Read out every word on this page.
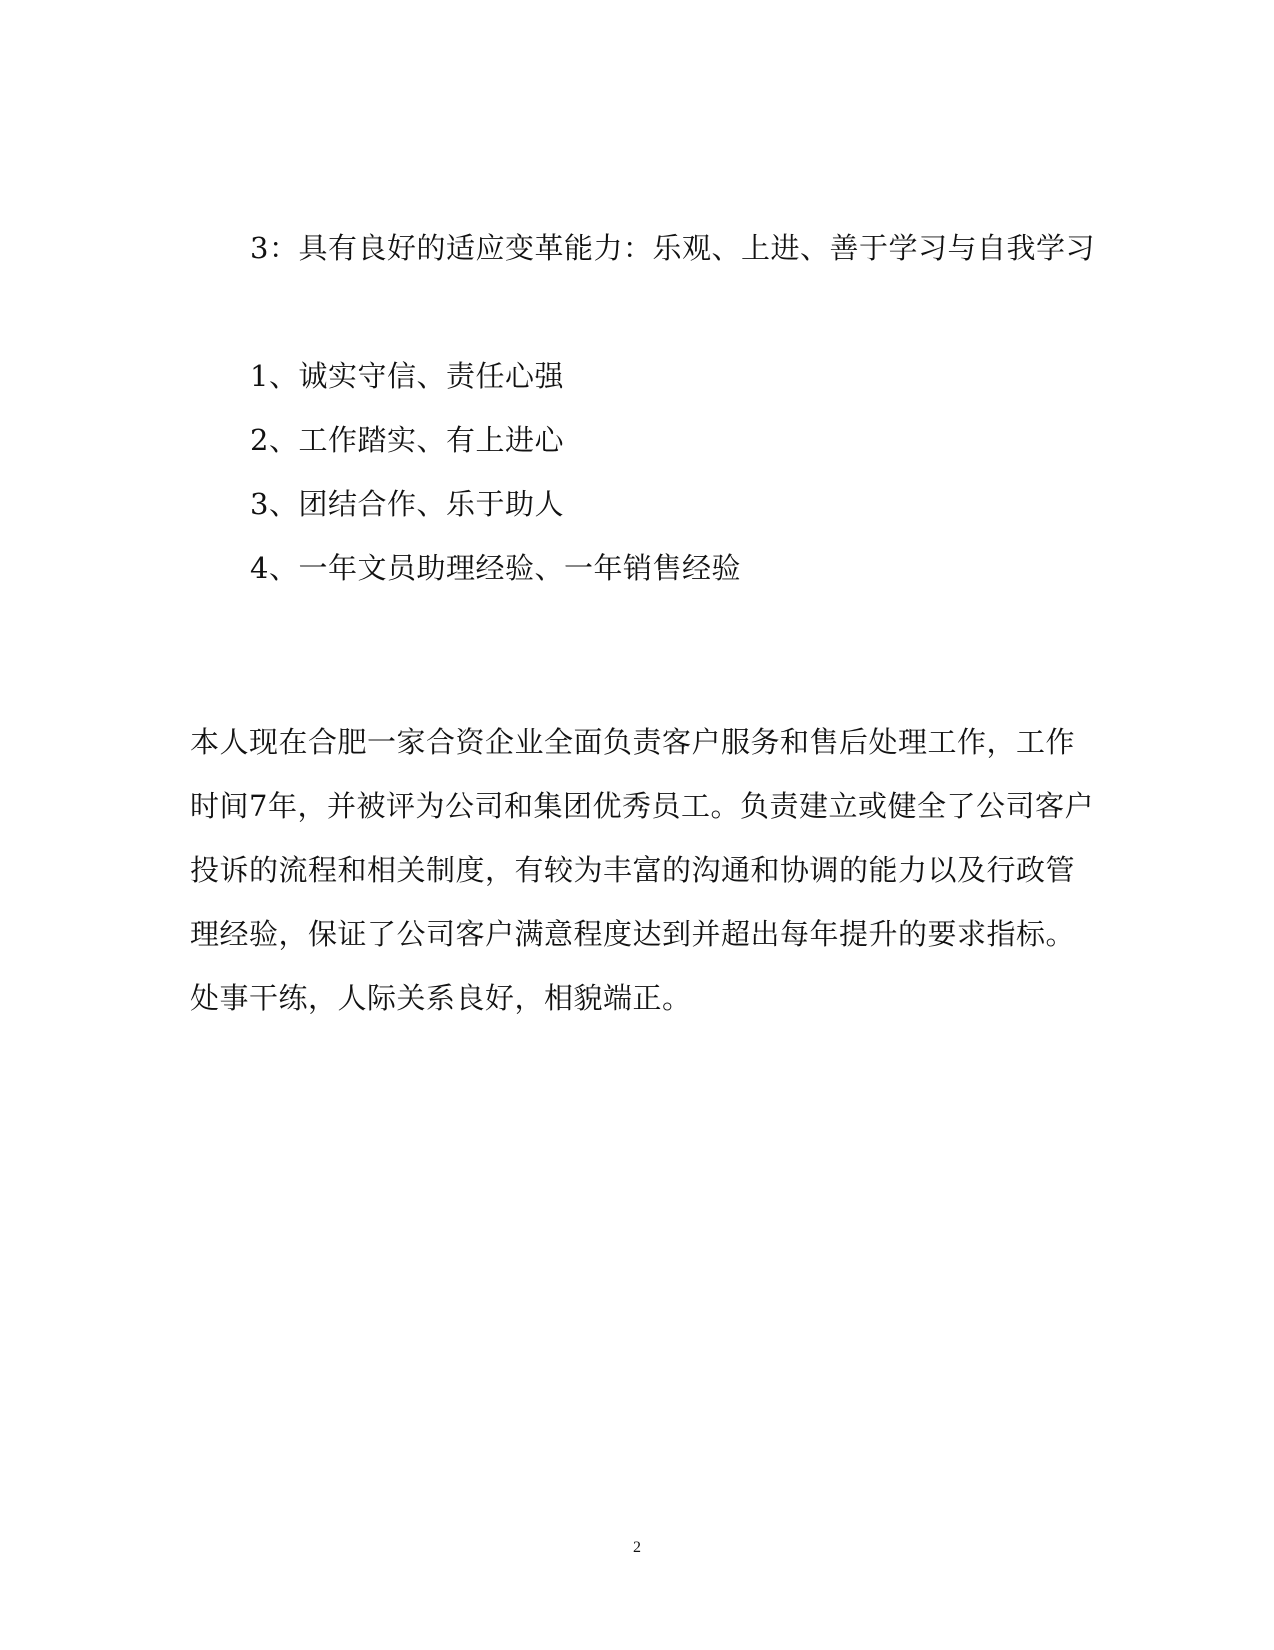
3：具有良好的适应变革能力：乐观、上进、善于学习与自我学习
1、诚实守信、责任心强
2、工作踏实、有上进心
3、团结合作、乐于助人
4、一年文员助理经验、一年销售经验
本人现在合肥一家合资企业全面负责客户服务和售后处理工作，工作
时间7年，并被评为公司和集团优秀员工。负责建立或健全了公司客户
投诉的流程和相关制度，有较为丰富的沟通和协调的能力以及行政管
理经验，保证了公司客户满意程度达到并超出每年提升的要求指标。
处事干练，人际关系良好，相貌端正。
2
